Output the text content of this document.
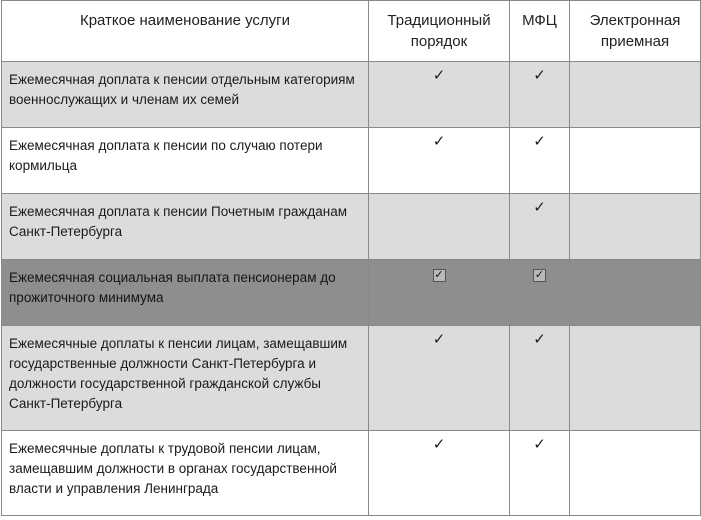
Краткое наименование услуги	Традиционный порядок	МФЦ	Электронная приемная
Ежемесячная доплата к пенсии отдельным категориям военнослужащих и членам их семей	✓	✓	
Ежемесячная доплата к пенсии по случаю потери кормильца	✓	✓	
Ежемесячная доплата к пенсии Почетным гражданам Санкт-Петербурга		✓	
Ежемесячная социальная выплата пенсионерам до прожиточного минимума	✓	✓	
Ежемесячные доплаты к пенсии лицам, замещавшим государственные должности Санкт-Петербурга и должности государственной гражданской службы Санкт-Петербурга	✓	✓	
Ежемесячные доплаты к трудовой пенсии лицам, замещавшим должности в органах государственной власти и управления Ленинграда	✓	✓	
